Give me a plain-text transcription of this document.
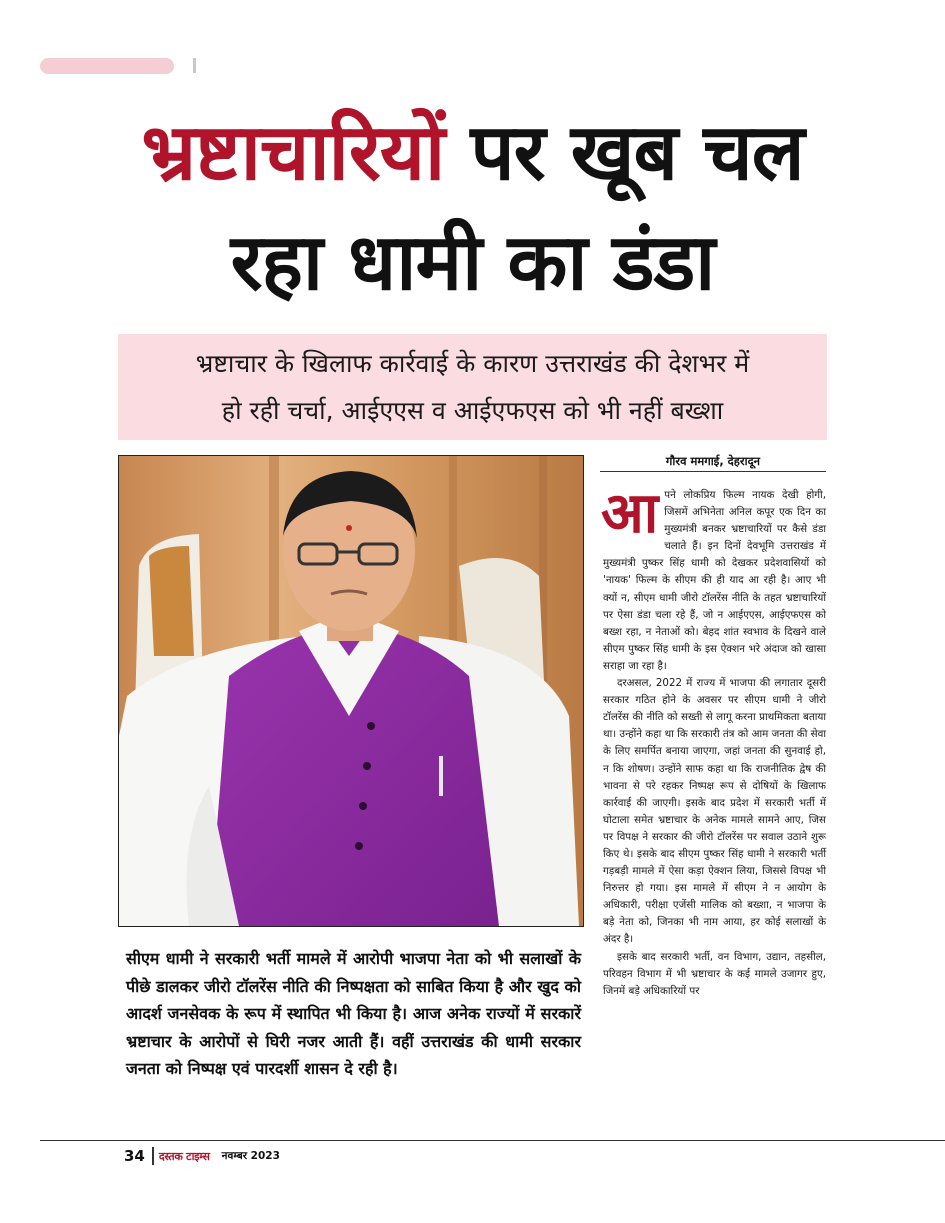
भ्रष्टाचारियों पर खूब चल
रहा धामी का डंडा
भ्रष्टाचार के खिलाफ कार्रवाई के कारण उत्तराखंड की देशभर में
हो रही चर्चा, आईएएस व आईएफएस को भी नहीं बख्शा
सीएम धामी ने सरकारी भर्ती मामले में आरोपी भाजपा नेता को भी सलाखों के पीछे डालकर जीरो टॉलरेंस नीति की निष्पक्षता को साबित किया है और खुद को आदर्श जनसेवक के रूप में स्थापित भी किया है। आज अनेक राज्यों में सरकारें भ्रष्टाचार के आरोपों से घिरी नजर आती हैं। वहीं उत्तराखंड की धामी सरकार जनता को निष्पक्ष एवं पारदर्शी शासन दे रही है।
गौरव ममगाई, देहरादून

आपने लोकप्रिय फिल्म नायक देखी होगी, जिसमें अभिनेता अनिल कपूर एक दिन का मुख्यमंत्री बनकर भ्रष्टाचारियों पर कैसे डंडा चलाते हैं। इन दिनों देवभूमि उत्तराखंड में मुख्यमंत्री पुष्कर सिंह धामी को देखकर प्रदेशवासियों को 'नायक' फिल्म के सीएम की ही याद आ रही है। आए भी क्यों न, सीएम धामी जीरो टॉलरेंस नीति के तहत भ्रष्टाचारियों पर ऐसा डंडा चला रहे हैं, जो न आईएएस, आईएफएस को बख्श रहा, न नेताओं को। बेहद शांत स्वभाव के दिखने वाले सीएम पुष्कर सिंह धामी के इस ऐक्शन भरे अंदाज को खासा सराहा जा रहा है।

दरअसल, 2022 में राज्य में भाजपा की लगातार दूसरी सरकार गठित होने के अवसर पर सीएम धामी ने जीरो टॉलरेंस की नीति को सख्ती से लागू करना प्राथमिकता बताया था। उन्होंने कहा था कि सरकारी तंत्र को आम जनता की सेवा के लिए समर्पित बनाया जाएगा, जहां जनता की सुनवाई हो, न कि शोषण। उन्होंने साफ कहा था कि राजनीतिक द्वेष की भावना से परे रहकर निष्पक्ष रूप से दोषियों के खिलाफ कार्रवाई की जाएगी। इसके बाद प्रदेश में सरकारी भर्ती में घोटाला समेत भ्रष्टाचार के अनेक मामले सामने आए, जिस पर विपक्ष ने सरकार की जीरो टॉलरेंस पर सवाल उठाने शुरू किए थे। इसके बाद सीएम पुष्कर सिंह धामी ने सरकारी भर्ती गड़बड़ी मामले में ऐसा कड़ा ऐक्शन लिया, जिससे विपक्ष भी निरुत्तर हो गया। इस मामले में सीएम ने न आयोग के अधिकारी, परीक्षा एजेंसी मालिक को बख्शा, न भाजपा के बड़े नेता को, जिनका भी नाम आया, हर कोई सलाखों के अंदर है।

इसके बाद सरकारी भर्ती, वन विभाग, उद्यान, तहसील, परिवहन विभाग में भी भ्रष्टाचार के कई मामले उजागर हुए, जिनमें बड़े अधिकारियों पर

34 दस्तक टाइम्स नवम्बर 2023
